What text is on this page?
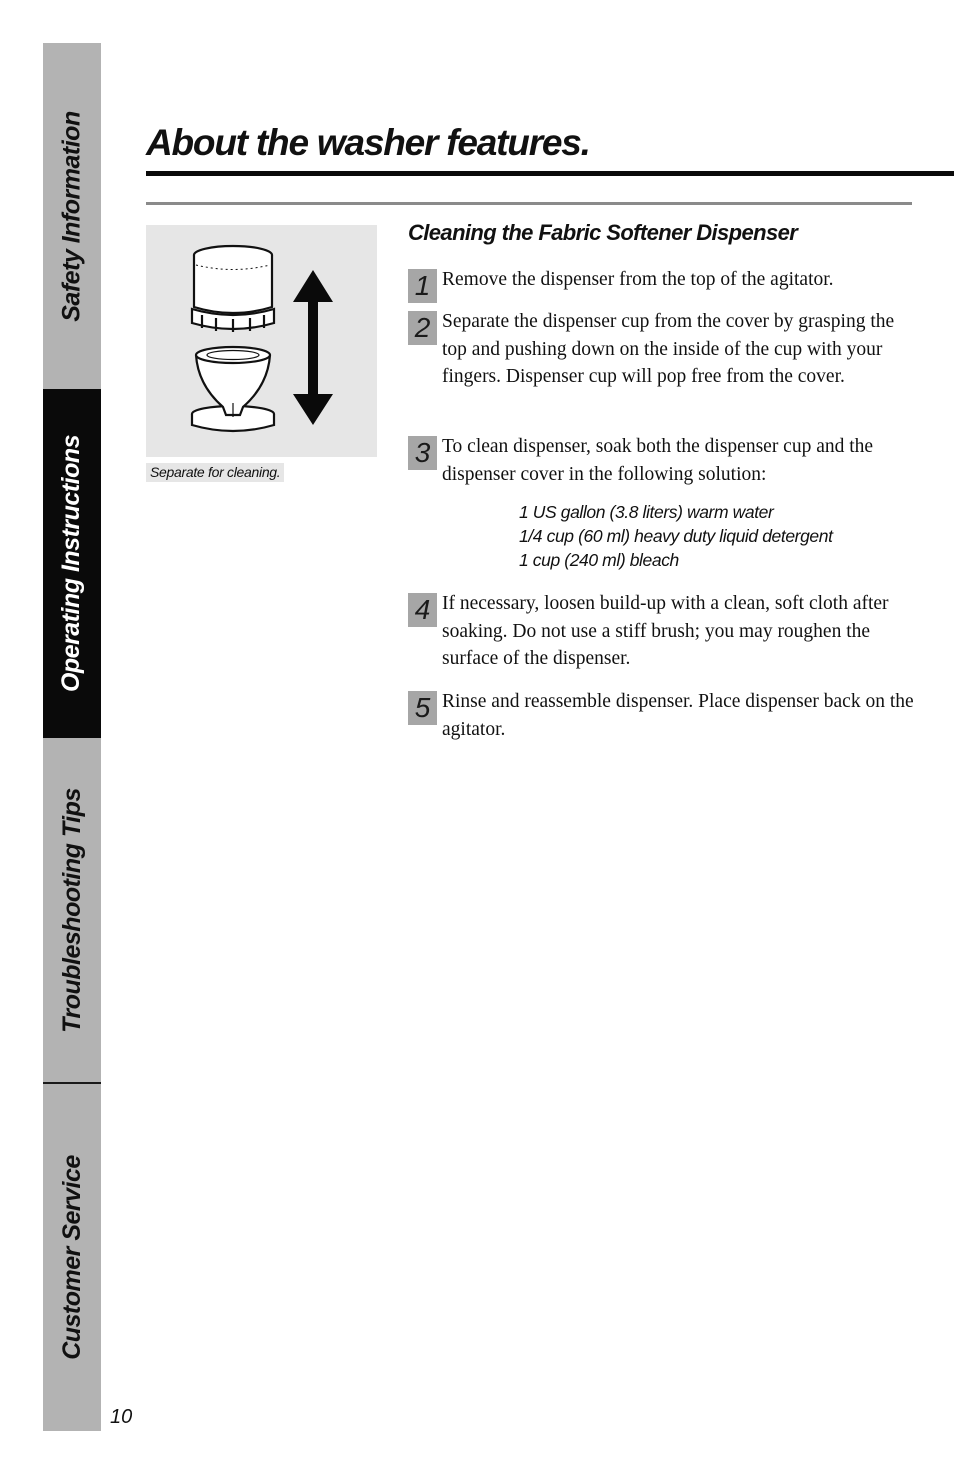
Safety Information
Operating Instructions
Troubleshooting Tips
Customer Service
10
About the washer features.
Separate for cleaning.
Cleaning the Fabric Softener Dispenser
1 Remove the dispenser from the top of the agitator.
2 Separate the dispenser cup from the cover by grasping the top and pushing down on the inside of the cup with your fingers. Dispenser cup will pop free from the cover.
3 To clean dispenser, soak both the dispenser cup and the dispenser cover in the following solution:
1 US gallon (3.8 liters) warm water
1/4 cup (60 ml) heavy duty liquid detergent
1 cup (240 ml) bleach
4 If necessary, loosen build-up with a clean, soft cloth after soaking. Do not use a stiff brush; you may roughen the surface of the dispenser.
5 Rinse and reassemble dispenser. Place dispenser back on the agitator.
